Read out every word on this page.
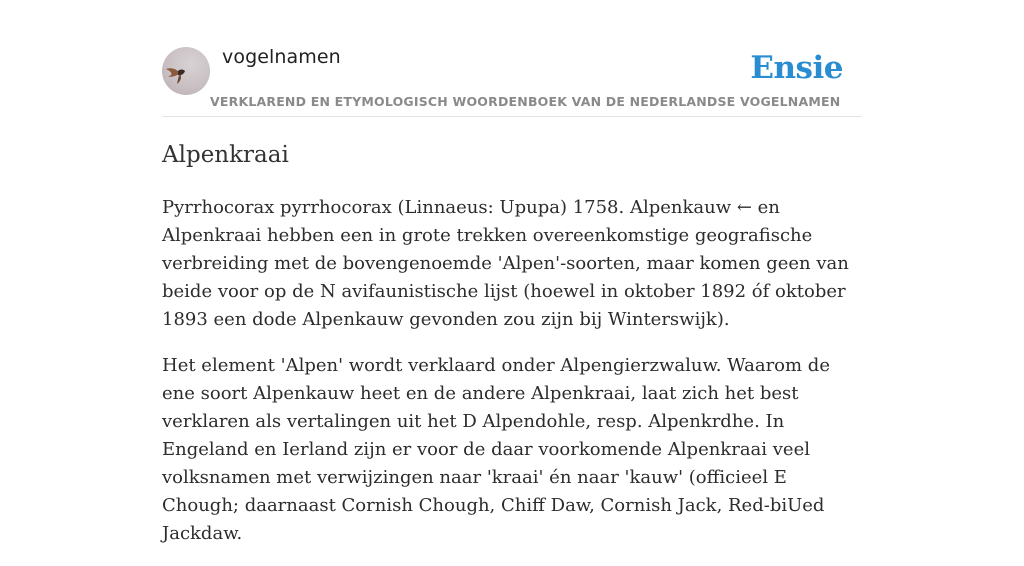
vogelnamen
VERKLAREND EN ETYMOLOGISCH WOORDENBOEK VAN DE NEDERLANDSE VOGELNAMEN
Ensie
Alpenkraai

Pyrrhocorax pyrrhocorax (Linnaeus: Upupa) 1758. Alpenkauw ← en Alpenkraai hebben een in grote trekken overeenkomstige geografische verbreiding met de bovengenoemde 'Alpen'-soorten, maar komen geen van beide voor op de N avifaunistische lijst (hoewel in oktober 1892 óf oktober 1893 een dode Alpenkauw gevonden zou zijn bij Winterswijk).

Het element 'Alpen' wordt verklaard onder Alpengierzwaluw. Waarom de ene soort Alpenkauw heet en de andere Alpenkraai, laat zich het best verklaren als vertalingen uit het D Alpendohle, resp. Alpenkrdhe. In Engeland en Ierland zijn er voor de daar voorkomende Alpenkraai veel volksnamen met verwijzingen naar 'kraai' én naar 'kauw' (officieel E Chough; daarnaast Cornish Chough, Chiff Daw, Cornish Jack, Red-biUed Jackdaw.
